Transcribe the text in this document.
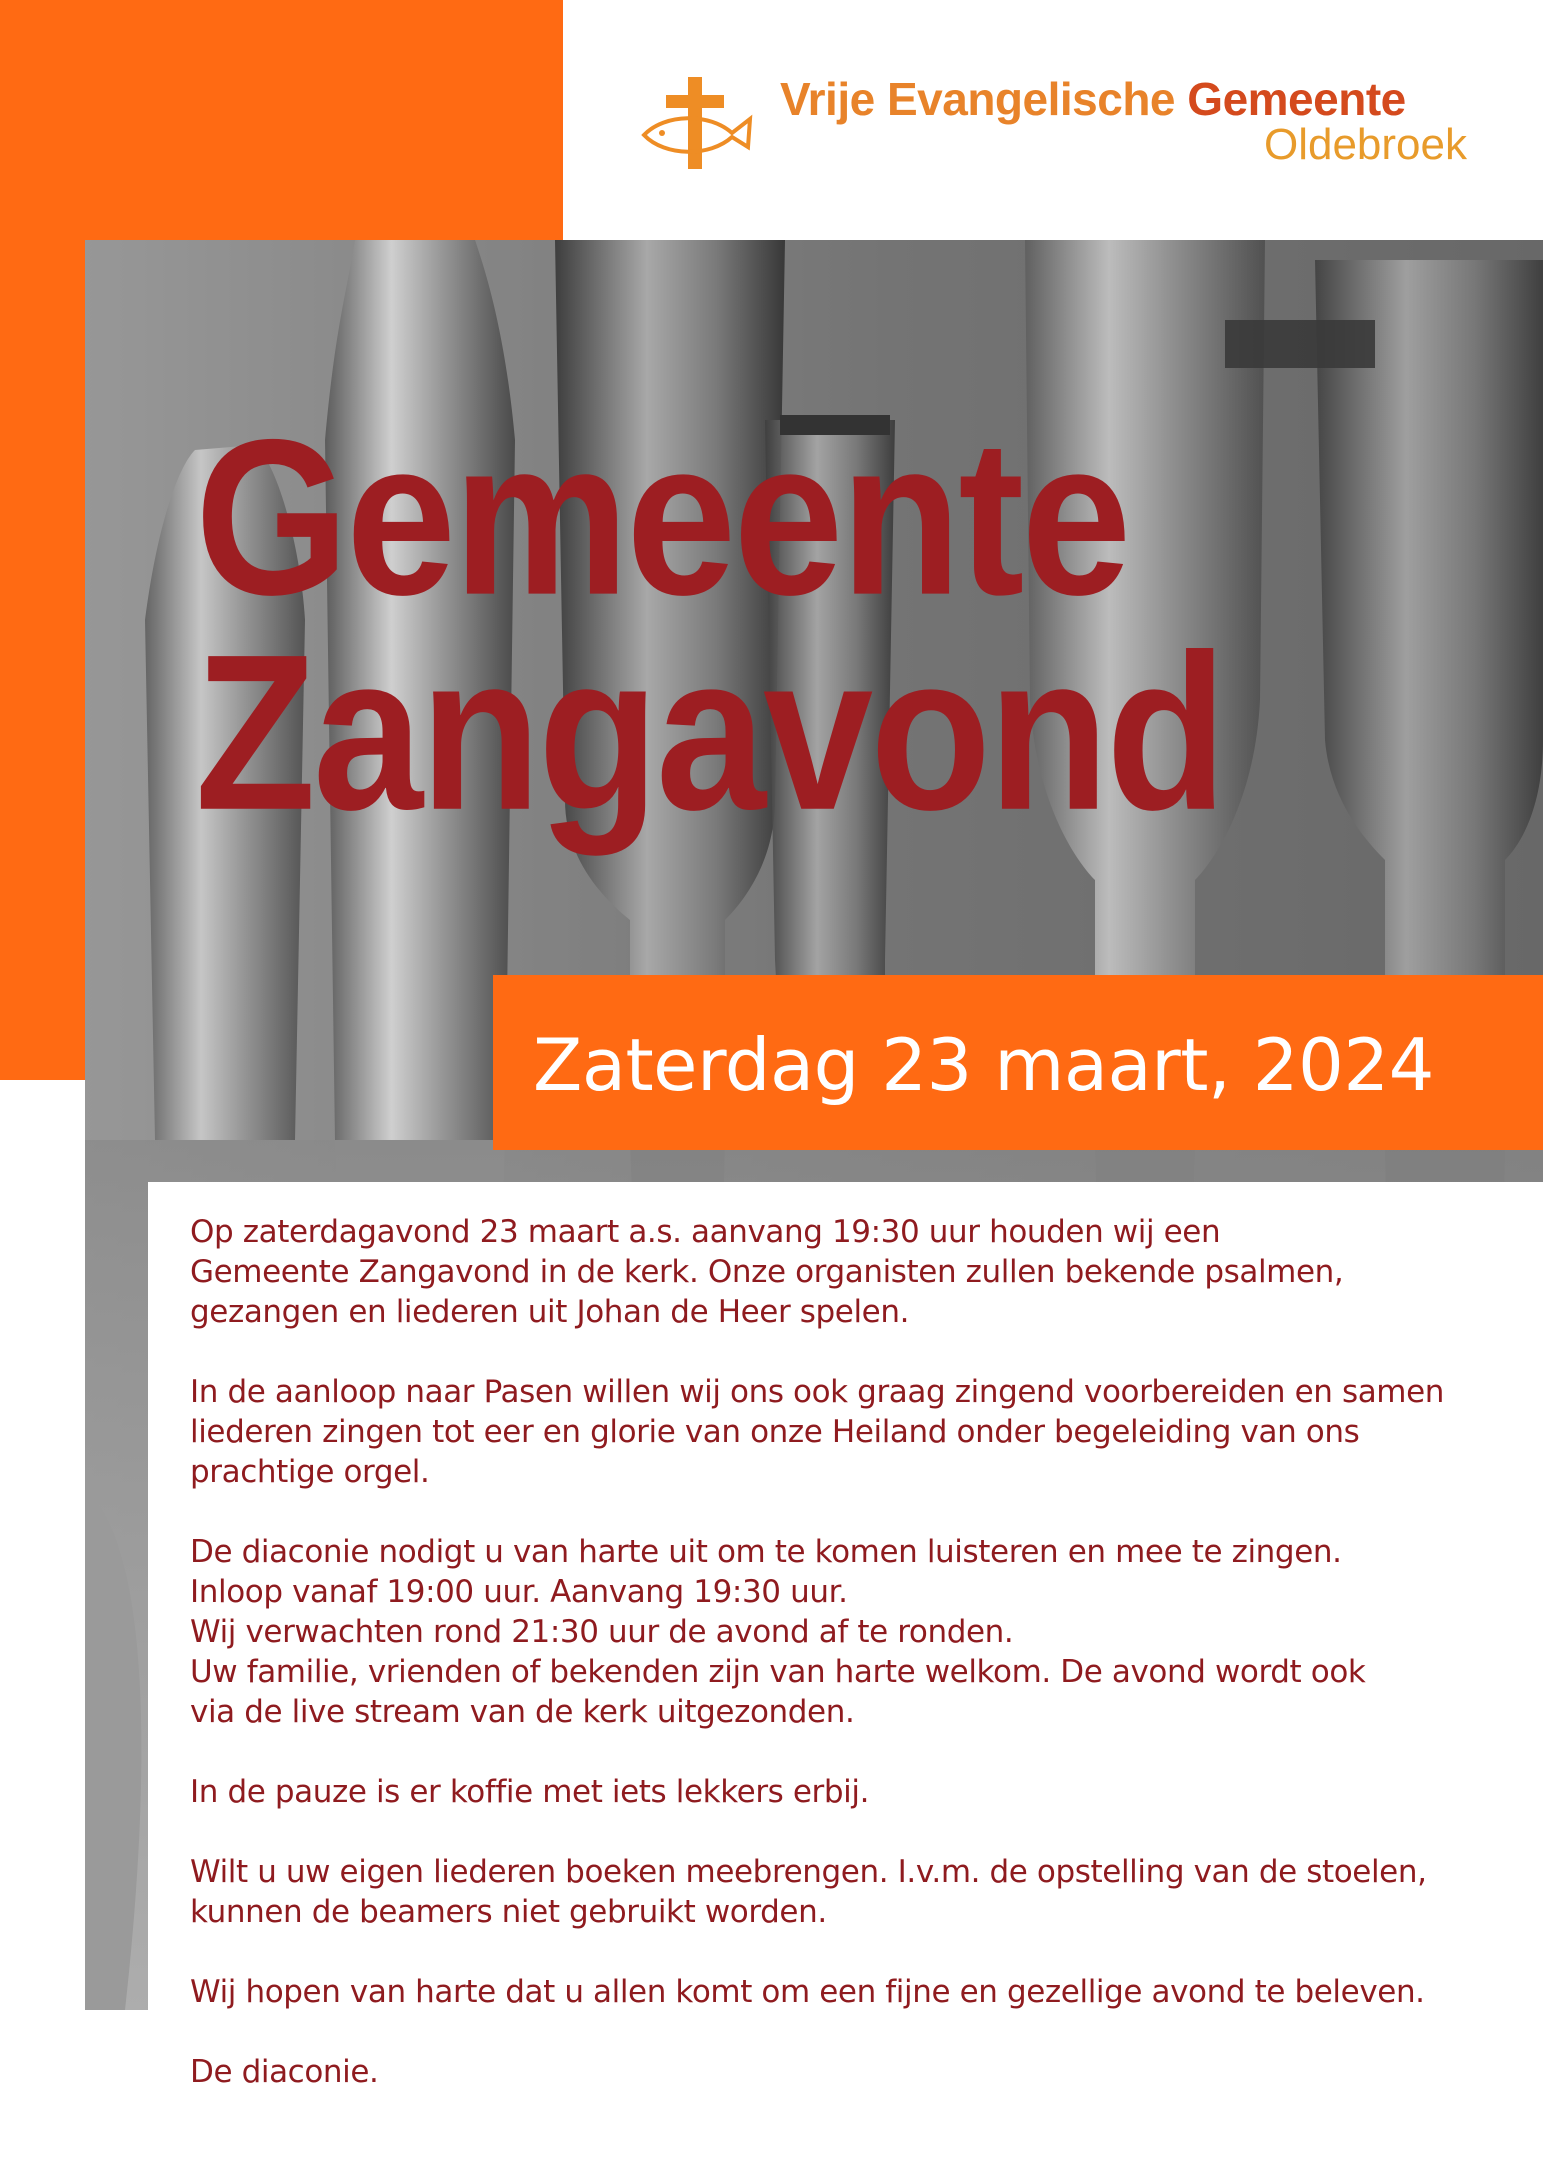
Vrije Evangelische Gemeente
Oldebroek
Gemeente
Zangavond
Zaterdag 23 maart, 2024

Op zaterdagavond 23 maart a.s. aanvang 19:30 uur houden wij een
Gemeente Zangavond in de kerk. Onze organisten zullen bekende psalmen,
gezangen en liederen uit Johan de Heer spelen.

In de aanloop naar Pasen willen wij ons ook graag zingend voorbereiden en samen
liederen zingen tot eer en glorie van onze Heiland onder begeleiding van ons
prachtige orgel.

De diaconie nodigt u van harte uit om te komen luisteren en mee te zingen.
Inloop vanaf 19:00 uur. Aanvang 19:30 uur.
Wij verwachten rond 21:30 uur de avond af te ronden.
Uw familie, vrienden of bekenden zijn van harte welkom. De avond wordt ook
via de live stream van de kerk uitgezonden.

In de pauze is er koffie met iets lekkers erbij.

Wilt u uw eigen liederen boeken meebrengen. I.v.m. de opstelling van de stoelen,
kunnen de beamers niet gebruikt worden.

Wij hopen van harte dat u allen komt om een fijne en gezellige avond te beleven.

De diaconie.
